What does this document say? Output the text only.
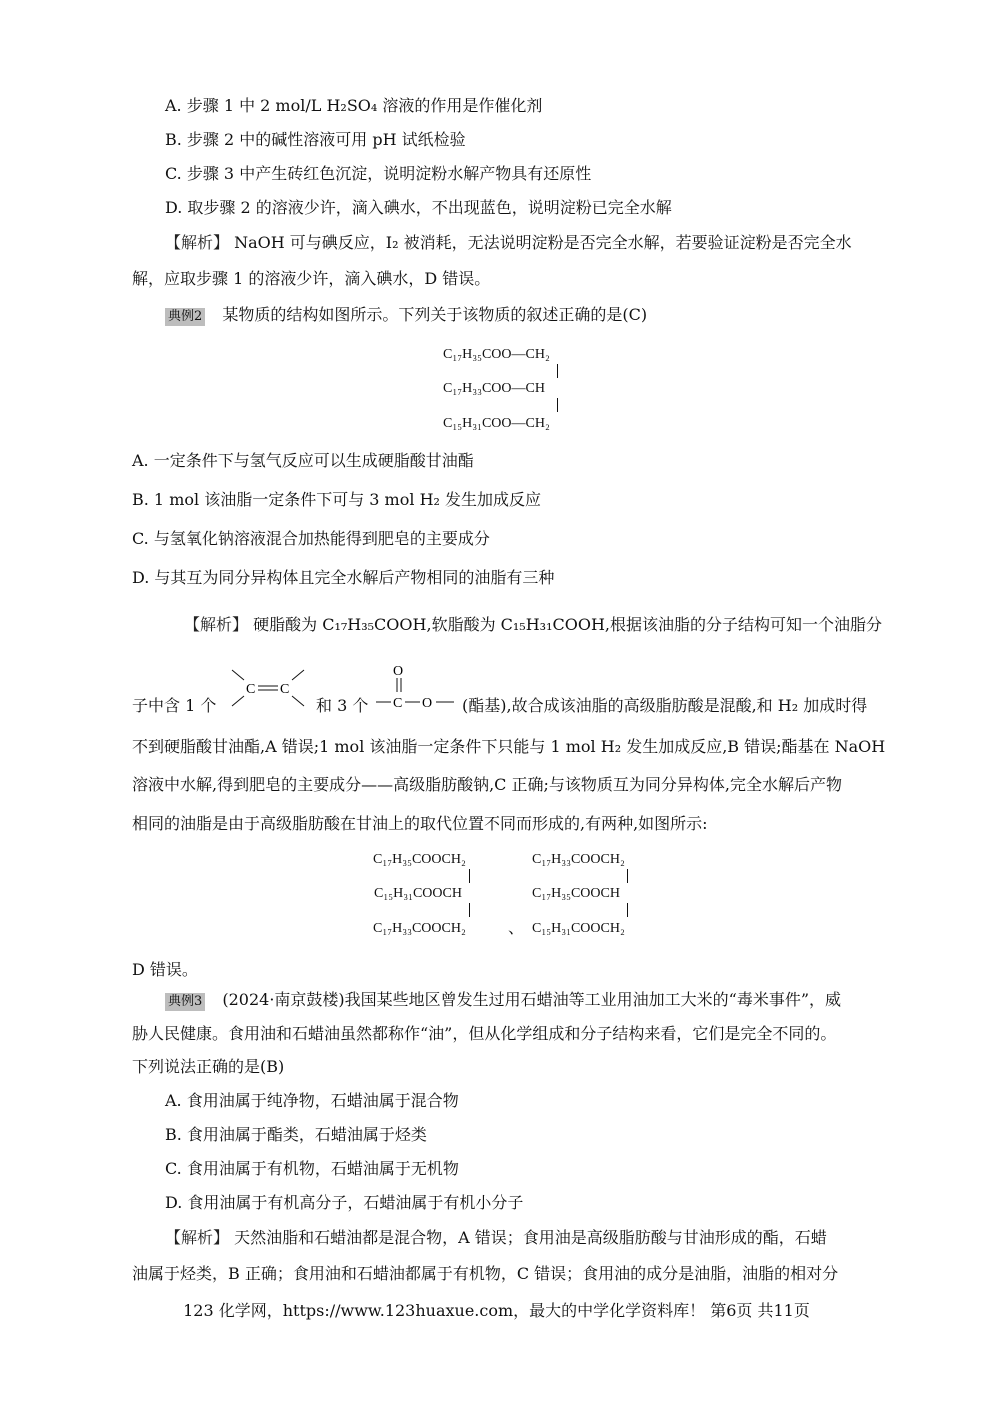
A. 步骤 1 中 2 mol/L H₂SO₄ 溶液的作用是作催化剂
B. 步骤 2 中的碱性溶液可用 pH 试纸检验
C. 步骤 3 中产生砖红色沉淀，说明淀粉水解产物具有还原性
D. 取步骤 2 的溶液少许，滴入碘水，不出现蓝色，说明淀粉已完全水解
【解析】 NaOH 可与碘反应，I₂ 被消耗，无法说明淀粉是否完全水解，若要验证淀粉是否完全水
解，应取步骤 1 的溶液少许，滴入碘水，D 错误。
典例2 某物质的结构如图所示。下列关于该物质的叙述正确的是(C)
C₁₇H₃₅COO—CH₂
C₁₇H₃₃COO—CH
C₁₅H₃₁COO—CH₂
A. 一定条件下与氢气反应可以生成硬脂酸甘油酯
B. 1 mol 该油脂一定条件下可与 3 mol H₂ 发生加成反应
C. 与氢氧化钠溶液混合加热能得到肥皂的主要成分
D. 与其互为同分异构体且完全水解后产物相同的油脂有三种
【解析】 硬脂酸为 C₁₇H₃₅COOH,软脂酸为 C₁₅H₃₁COOH,根据该油脂的分子结构可知一个油脂分
子中含 1 个
C C
和 3 个
O
C O (酯基),故合成该油脂的高级脂肪酸是混酸,和 H₂ 加成时得
不到硬脂酸甘油酯,A 错误;1 mol 该油脂一定条件下只能与 1 mol H₂ 发生加成反应,B 错误;酯基在 NaOH
溶液中水解,得到肥皂的主要成分——高级脂肪酸钠,C 正确;与该物质互为同分异构体,完全水解后产物
相同的油脂是由于高级脂肪酸在甘油上的取代位置不同而形成的,有两种,如图所示:
C₁₇H₃₅COOCH₂
C₁₅H₃₁COOCH
C₁₇H₃₃COOCH₂	、
C₁₇H₃₃COOCH₂
C₁₇H₃₅COOCH
C₁₅H₃₁COOCH₂
D 错误。
典例3 (2024·南京鼓楼)我国某些地区曾发生过用石蜡油等工业用油加工大米的“毒米事件”，威
胁人民健康。食用油和石蜡油虽然都称作“油”，但从化学组成和分子结构来看，它们是完全不同的。
下列说法正确的是(B)
A. 食用油属于纯净物，石蜡油属于混合物
B. 食用油属于酯类，石蜡油属于烃类
C. 食用油属于有机物，石蜡油属于无机物
D. 食用油属于有机高分子，石蜡油属于有机小分子
【解析】 天然油脂和石蜡油都是混合物，A 错误；食用油是高级脂肪酸与甘油形成的酯，石蜡
油属于烃类，B 正确；食用油和石蜡油都属于有机物，C 错误；食用油的成分是油脂，油脂的相对分
123 化学网，https://www.123huaxue.com，最大的中学化学资料库！ 第6页 共11页
